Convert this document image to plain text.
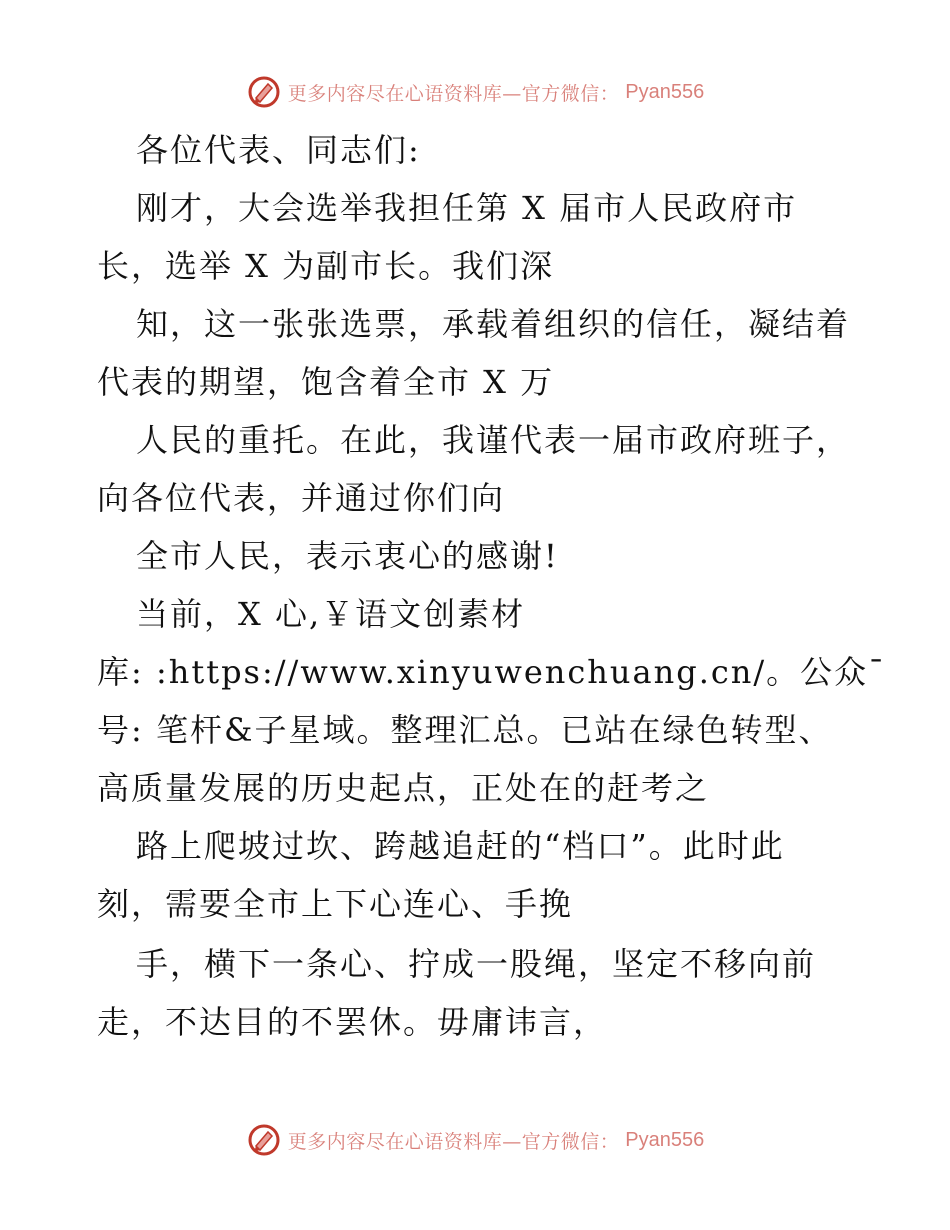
更多内容尽在心语资料库—官方微信： Pyan556
各位代表、同志们:
刚才，大会选举我担任第 X 届市人民政府市
长，选举 X 为副市长。我们深
知，这一张张选票，承载着组织的信任，凝结着
代表的期望，饱含着全市 X 万
人民的重托。在此，我谨代表一届市政府班子，
向各位代表，并通过你们向
全市人民，表示衷心的感谢!
当前，X 心,￥语文创素材
库: :https://www.xinyuwenchuang.cn/。公众¯
号: 笔杆&子星域。整理汇总。已站在绿色转型、
高质量发展的历史起点，正处在的赶考之
路上爬坡过坎、跨越追赶的“档口”。此时此
刻，需要全市上下心连心、手挽
手，横下一条心、拧成一股绳，坚定不移向前
走，不达目的不罢休。毋庸讳言，
更多内容尽在心语资料库—官方微信： Pyan556
